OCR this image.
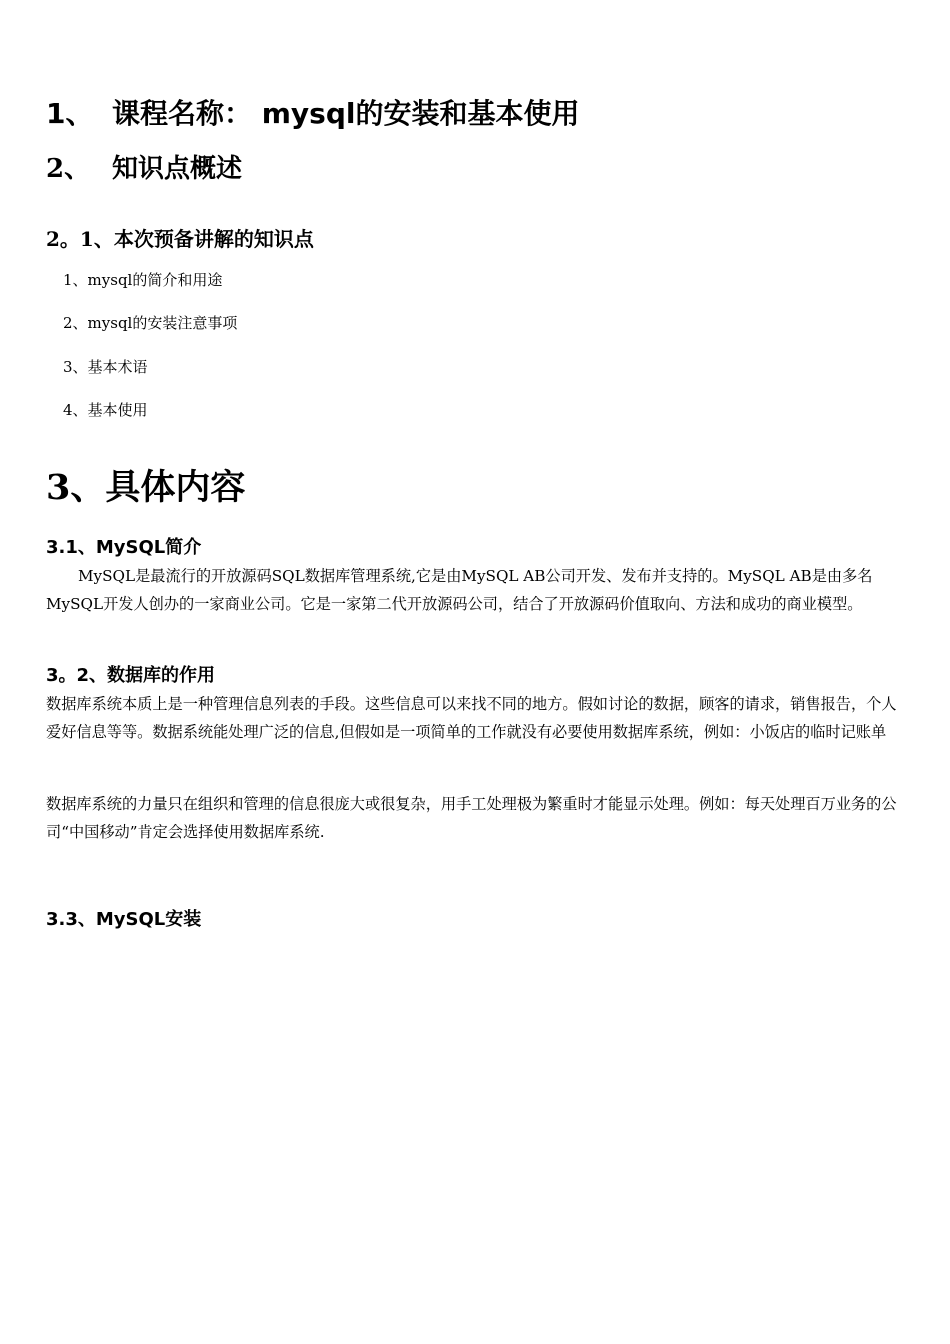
1、 课程名称： mysql的安装和基本使用
2、 知识点概述
2。1、本次预备讲解的知识点
1、mysql的简介和用途
2、mysql的安装注意事项
3、基本术语
4、基本使用
3、具体内容
3.1、MySQL简介

MySQL是最流行的开放源码SQL数据库管理系统,它是由MySQL AB公司开发、发布并支持的。MySQL AB是由多名MySQL开发人创办的一家商业公司。它是一家第二代开放源码公司，结合了开放源码价值取向、方法和成功的商业模型。

3。2、数据库的作用

数据库系统本质上是一种管理信息列表的手段。这些信息可以来找不同的地方。假如讨论的数据，顾客的请求，销售报告，个人爱好信息等等。数据系统能处理广泛的信息,但假如是一项简单的工作就没有必要使用数据库系统，例如：小饭店的临时记账单

数据库系统的力量只在组织和管理的信息很庞大或很复杂，用手工处理极为繁重时才能显示处理。例如：每天处理百万业务的公司“中国移动”肯定会选择使用数据库系统.

3.3、MySQL安装
